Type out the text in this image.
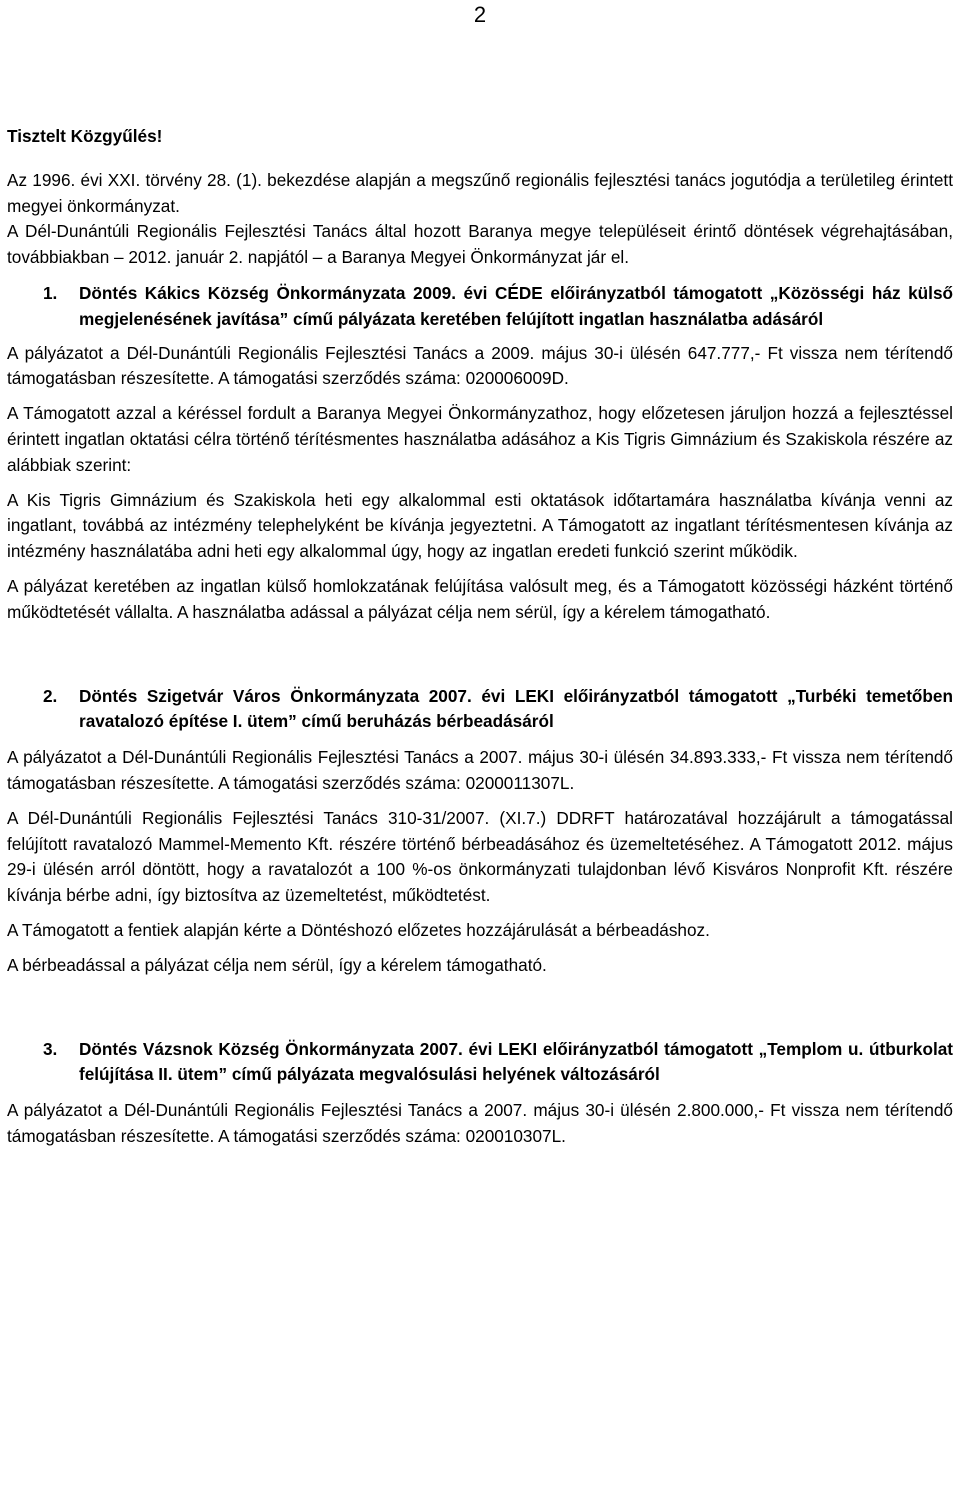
2

Tisztelt Közgyűlés!

Az 1996. évi XXI. törvény 28. (1). bekezdése alapján a megszűnő regionális fejlesztési tanács jogutódja a területileg érintett megyei önkormányzat.

A Dél-Dunántúli Regionális Fejlesztési Tanács által hozott Baranya megye településeit érintő döntések végrehajtásában, továbbiakban – 2012. január 2. napjától – a Baranya Megyei Önkormányzat jár el.

1.	Döntés Kákics Község Önkormányzata 2009. évi CÉDE előirányzatból támogatott „Közösségi ház külső megjelenésének javítása” című pályázata keretében felújított ingatlan használatba adásáról

A pályázatot a Dél-Dunántúli Regionális Fejlesztési Tanács a 2009. május 30-i ülésén 647.777,- Ft vissza nem térítendő támogatásban részesítette. A támogatási szerződés száma: 020006009D.

A Támogatott azzal a kéréssel fordult a Baranya Megyei Önkormányzathoz, hogy előzetesen járuljon hozzá a fejlesztéssel érintett ingatlan oktatási célra történő térítésmentes használatba adásához a Kis Tigris Gimnázium és Szakiskola részére az alábbiak szerint:

A Kis Tigris Gimnázium és Szakiskola heti egy alkalommal esti oktatások időtartamára használatba kívánja venni az ingatlant, továbbá az intézmény telephelyként be kívánja jegyeztetni. A Támogatott az ingatlant térítésmentesen kívánja az intézmény használatába adni heti egy alkalommal úgy, hogy az ingatlan eredeti funkció szerint működik.

A pályázat keretében az ingatlan külső homlokzatának felújítása valósult meg, és a Támogatott közösségi házként történő működtetését vállalta. A használatba adással a pályázat célja nem sérül, így a kérelem támogatható.

2.	Döntés Szigetvár Város Önkormányzata 2007. évi LEKI előirányzatból támogatott „Turbéki temetőben ravatalozó építése I. ütem” című beruházás bérbeadásáról

A pályázatot a Dél-Dunántúli Regionális Fejlesztési Tanács a 2007. május 30-i ülésén 34.893.333,- Ft vissza nem térítendő támogatásban részesítette. A támogatási szerződés száma: 0200011307L.

A Dél-Dunántúli Regionális Fejlesztési Tanács 310-31/2007. (XI.7.) DDRFT határozatával hozzájárult a támogatással felújított ravatalozó Mammel-Memento Kft. részére történő bérbeadásához és üzemeltetéséhez. A Támogatott 2012. május 29-i ülésén arról döntött, hogy a ravatalozót a 100 %-os önkormányzati tulajdonban lévő Kisváros Nonprofit Kft. részére kívánja bérbe adni, így biztosítva az üzemeltetést, működtetést.

A Támogatott a fentiek alapján kérte a Döntéshozó előzetes hozzájárulását a bérbeadáshoz.

A bérbeadással a pályázat célja nem sérül, így a kérelem támogatható.

3.	Döntés Vázsnok Község Önkormányzata 2007. évi LEKI előirányzatból támogatott „Templom u. útburkolat felújítása II. ütem” című pályázata megvalósulási helyének változásáról

A pályázatot a Dél-Dunántúli Regionális Fejlesztési Tanács a 2007. május 30-i ülésén 2.800.000,- Ft vissza nem térítendő támogatásban részesítette. A támogatási szerződés száma: 020010307L.
